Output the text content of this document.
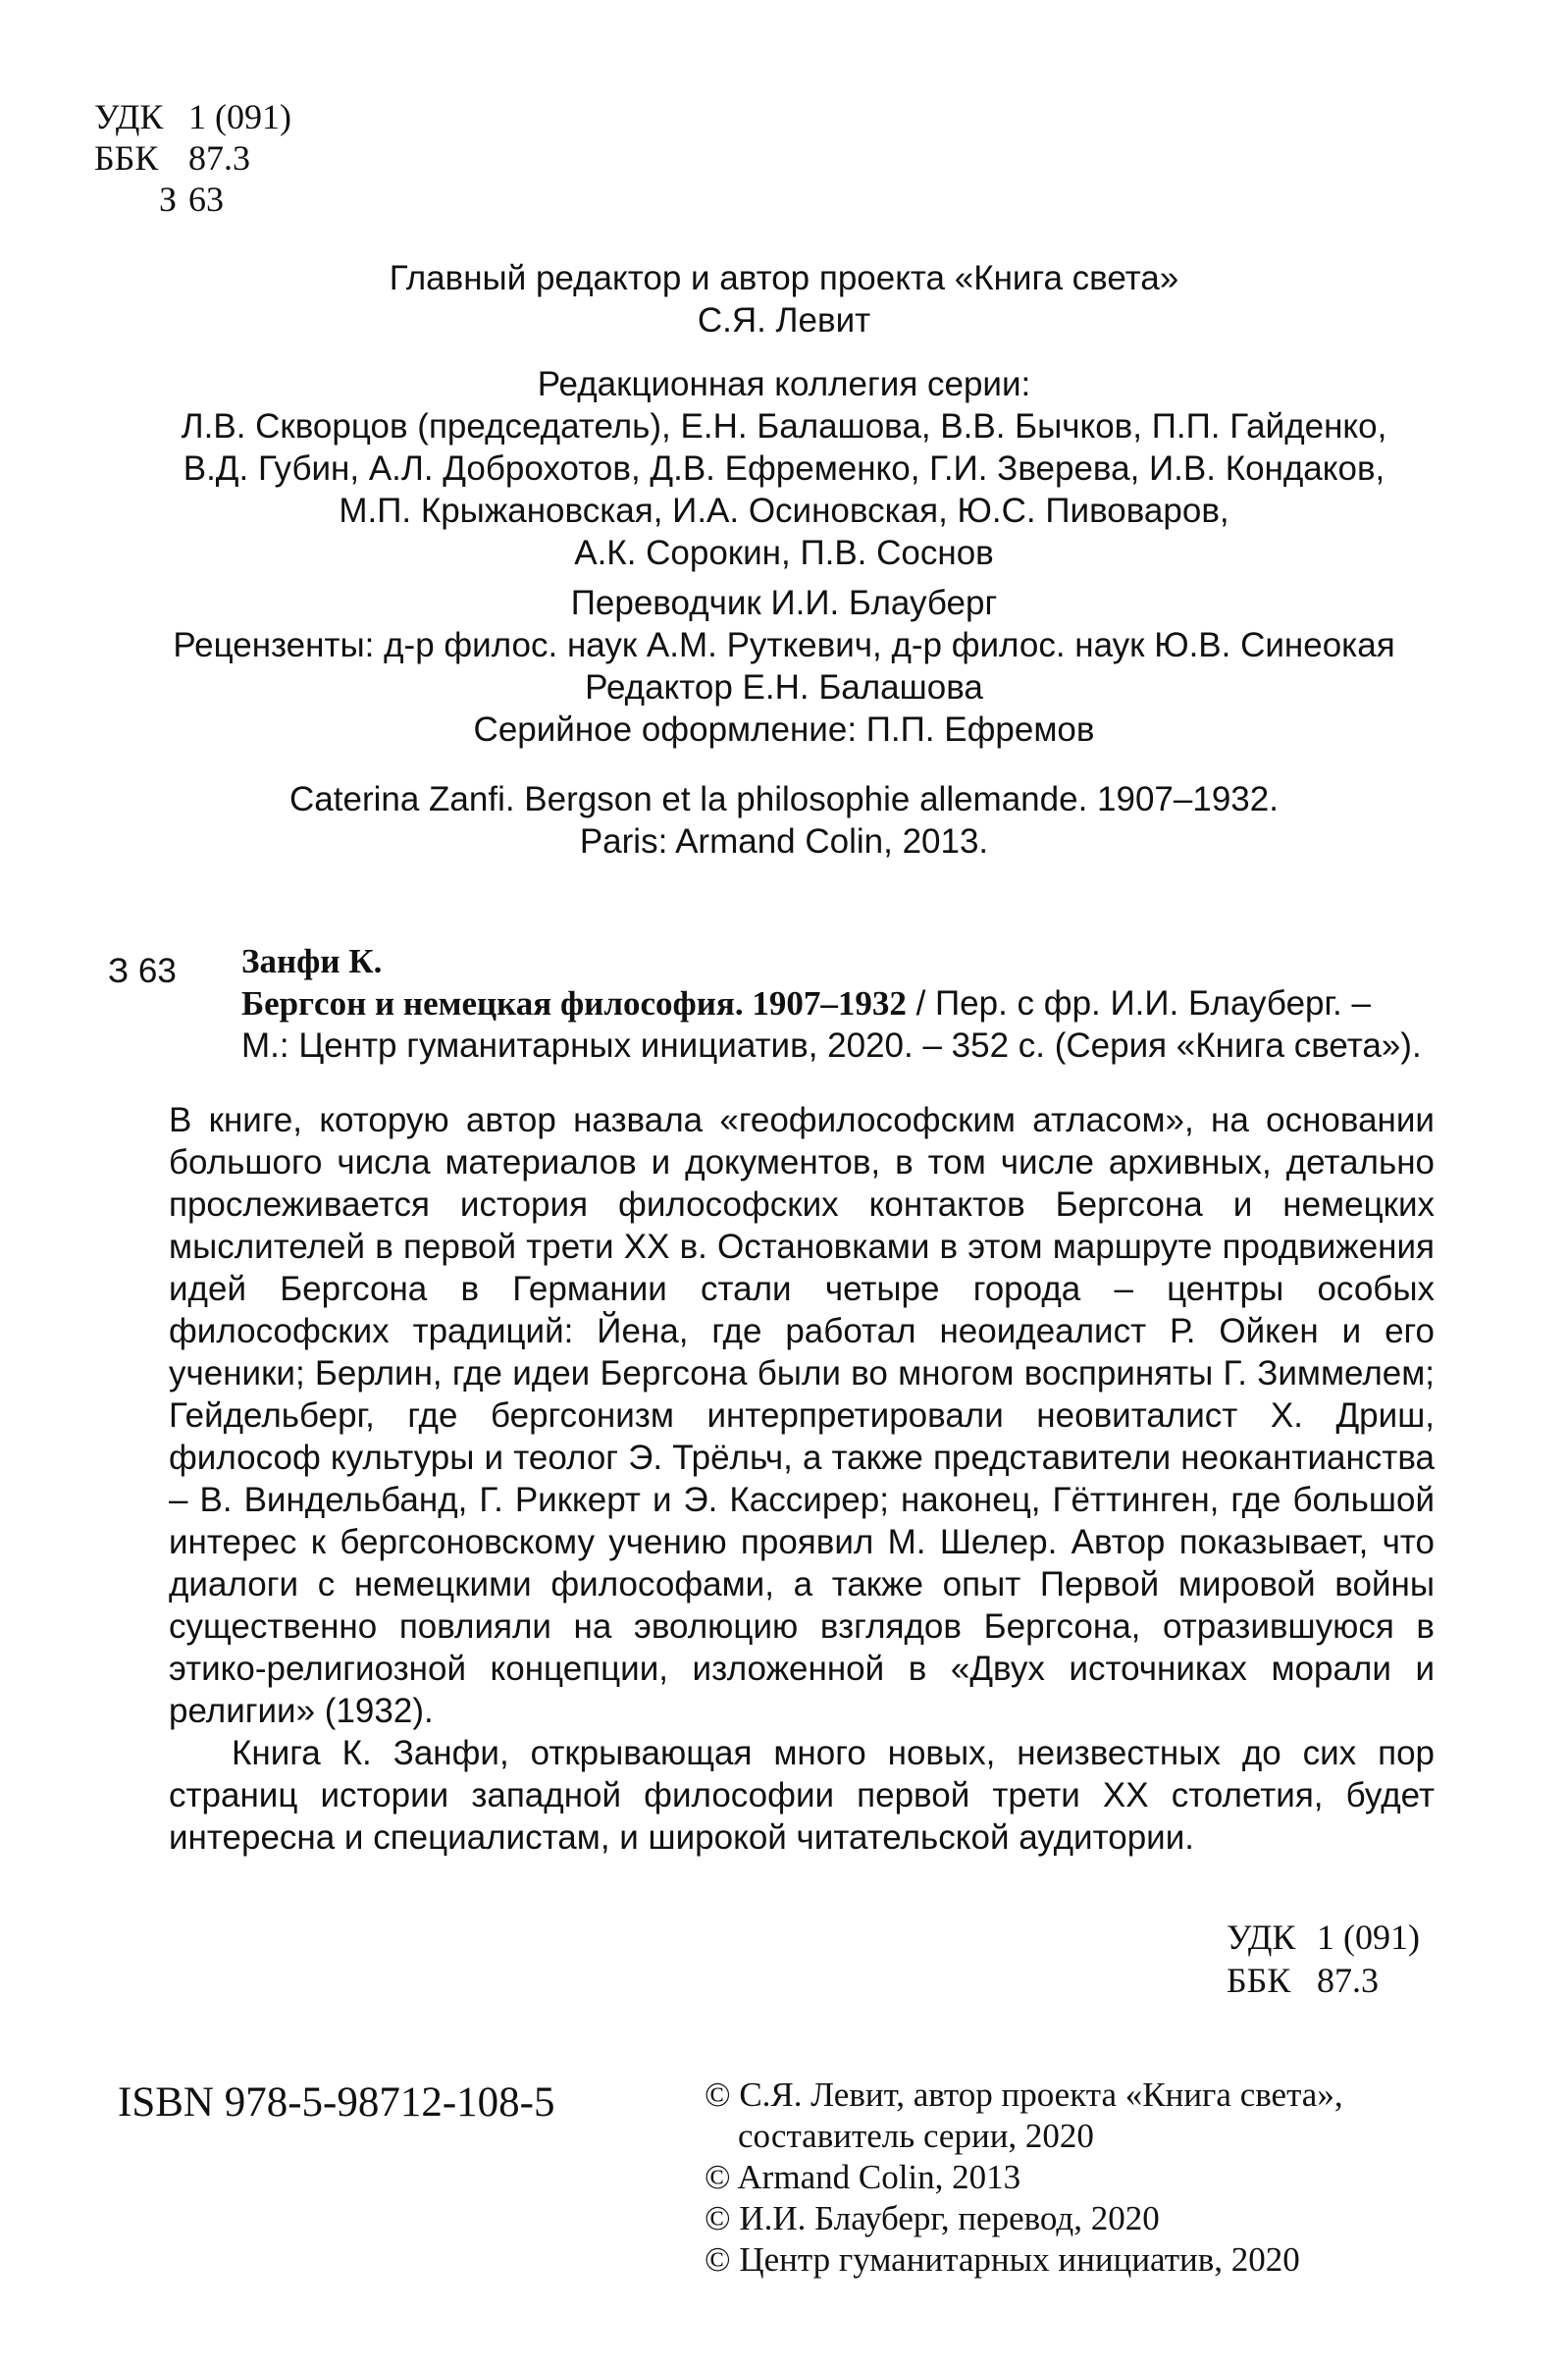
УДК 1 (091)
ББК 87.3
З 63
Главный редактор и автор проекта «Книга света»
С.Я. Левит
Редакционная коллегия серии:
Л.В. Скворцов (председатель), Е.Н. Балашова, В.В. Бычков, П.П. Гайденко,
В.Д. Губин, А.Л. Доброхотов, Д.В. Ефременко, Г.И. Зверева, И.В. Кондаков,
М.П. Крыжановская, И.А. Осиновская, Ю.С. Пивоваров,
А.К. Сорокин, П.В. Соснов
Переводчик И.И. Блауберг
Рецензенты: д-р филос. наук А.М. Руткевич, д-р филос. наук Ю.В. Синеокая
Редактор Е.Н. Балашова
Серийное оформление: П.П. Ефремов
Caterina Zanfi. Bergson et la philosophie allemande. 1907–1932.
Paris: Armand Colin, 2013.
З 63 Занфи К.
Бергсон и немецкая философия. 1907–1932 / Пер. с фр. И.И. Блауберг. –
М.: Центр гуманитарных инициатив, 2020. – 352 с. (Серия «Книга света»).

В книге, которую автор назвала «геофилософским атласом», на основании большого числа материалов и документов, в том числе архивных, детально прослеживается история философских контактов Бергсона и немецких мыслителей в первой трети XX в. Остановками в этом маршруте продвижения идей Бергсона в Германии стали четыре города – центры особых философских традиций: Йена, где работал неоидеалист Р. Ойкен и его ученики; Берлин, где идеи Бергсона были во многом восприняты Г. Зиммелем; Гейдельберг, где бергсонизм интерпретировали неовиталист Х. Дриш, философ культуры и теолог Э. Трёльч, а также представители неокантианства – В. Виндельбанд, Г. Риккерт и Э. Кассирер; наконец, Гёттинген, где большой интерес к бергсоновскому учению проявил М. Шелер. Автор показывает, что диалоги с немецкими философами, а также опыт Первой мировой войны существенно повлияли на эволюцию взглядов Бергсона, отразившуюся в этико-религиозной концепции, изложенной в «Двух источниках морали и религии» (1932).

Книга К. Занфи, открывающая много новых, неизвестных до сих пор страниц истории западной философии первой трети XX столетия, будет интересна и специалистам, и широкой читательской аудитории.

УДК 1 (091)
ББК 87.3
ISBN 978-5-98712-108-5	© С.Я. Левит, автор проекта «Книга света»,
составитель серии, 2020
© Armand Colin, 2013
© И.И. Блауберг, перевод, 2020
© Центр гуманитарных инициатив, 2020
